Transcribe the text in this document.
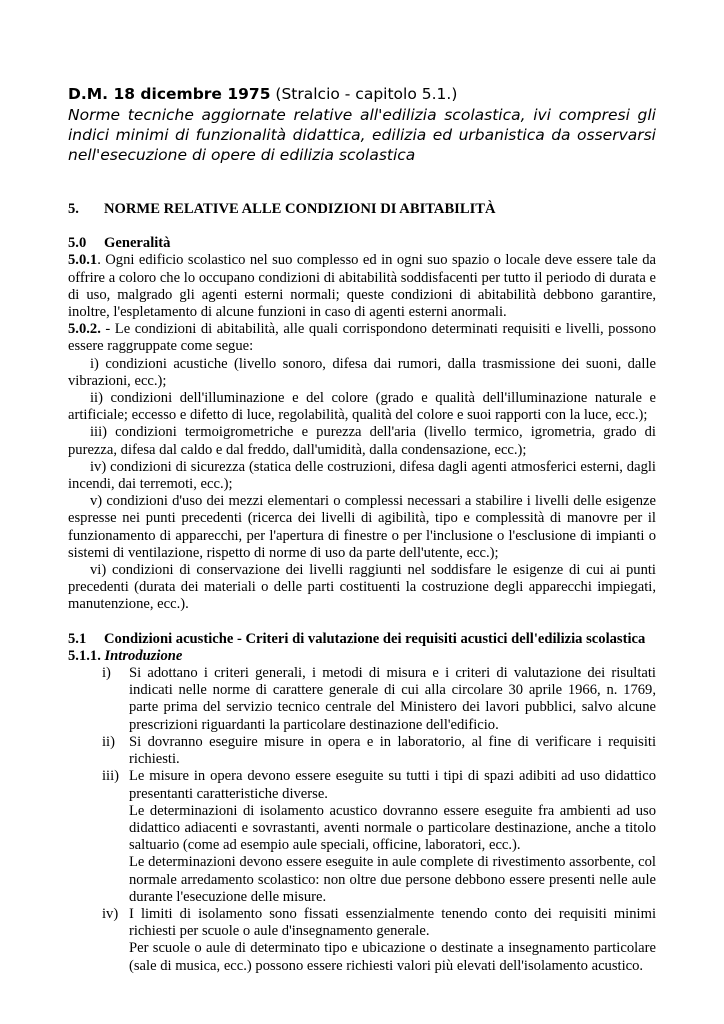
D.M. 18 dicembre 1975 (Stralcio - capitolo 5.1.)
Norme tecniche aggiornate relative all'edilizia scolastica, ivi compresi gli indici minimi di funzionalità didattica, edilizia ed urbanistica da osservarsi nell'esecuzione di opere di edilizia scolastica
5. NORME RELATIVE ALLE CONDIZIONI DI ABITABILITÀ
5.0 Generalità
5.0.1. Ogni edificio scolastico nel suo complesso ed in ogni suo spazio o locale deve essere tale da offrire a coloro che lo occupano condizioni di abitabilità soddisfacenti per tutto il periodo di durata e di uso, malgrado gli agenti esterni normali; queste condizioni di abitabilità debbono garantire, inoltre, l'espletamento di alcune funzioni in caso di agenti esterni anormali.
5.0.2. - Le condizioni di abitabilità, alle quali corrispondono determinati requisiti e livelli, possono essere raggruppate come segue:
i) condizioni acustiche (livello sonoro, difesa dai rumori, dalla trasmissione dei suoni, dalle vibrazioni, ecc.);
ii) condizioni dell'illuminazione e del colore (grado e qualità dell'illuminazione naturale e artificiale; eccesso e difetto di luce, regolabilità, qualità del colore e suoi rapporti con la luce, ecc.);
iii) condizioni termoigrometriche e purezza dell'aria (livello termico, igrometria, grado di purezza, difesa dal caldo e dal freddo, dall'umidità, dalla condensazione, ecc.);
iv) condizioni di sicurezza (statica delle costruzioni, difesa dagli agenti atmosferici esterni, dagli incendi, dai terremoti, ecc.);
v) condizioni d'uso dei mezzi elementari o complessi necessari a stabilire i livelli delle esigenze espresse nei punti precedenti (ricerca dei livelli di agibilità, tipo e complessità di manovre per il funzionamento di apparecchi, per l'apertura di finestre o per l'inclusione o l'esclusione di impianti o sistemi di ventilazione, rispetto di norme di uso da parte dell'utente, ecc.);
vi) condizioni di conservazione dei livelli raggiunti nel soddisfare le esigenze di cui ai punti precedenti (durata dei materiali o delle parti costituenti la costruzione degli apparecchi impiegati, manutenzione, ecc.).
5.1 Condizioni acustiche - Criteri di valutazione dei requisiti acustici dell'edilizia scolastica
5.1.1. Introduzione
i) Si adottano i criteri generali, i metodi di misura e i criteri di valutazione dei risultati indicati nelle norme di carattere generale di cui alla circolare 30 aprile 1966, n. 1769, parte prima del servizio tecnico centrale del Ministero dei lavori pubblici, salvo alcune prescrizioni riguardanti la particolare destinazione dell'edificio.

ii) Si dovranno eseguire misure in opera e in laboratorio, al fine di verificare i requisiti richiesti.

iii) Le misure in opera devono essere eseguite su tutti i tipi di spazi adibiti ad uso didattico presentanti caratteristiche diverse.

Le determinazioni di isolamento acustico dovranno essere eseguite fra ambienti ad uso didattico adiacenti e sovrastanti, aventi normale o particolare destinazione, anche a titolo saltuario (come ad esempio aule speciali, officine, laboratori, ecc.).

Le determinazioni devono essere eseguite in aule complete di rivestimento assorbente, col normale arredamento scolastico: non oltre due persone debbono essere presenti nelle aule durante l'esecuzione delle misure.

iv) I limiti di isolamento sono fissati essenzialmente tenendo conto dei requisiti minimi richiesti per scuole o aule d'insegnamento generale.

Per scuole o aule di determinato tipo e ubicazione o destinate a insegnamento particolare (sale di musica, ecc.) possono essere richiesti valori più elevati dell'isolamento acustico.
